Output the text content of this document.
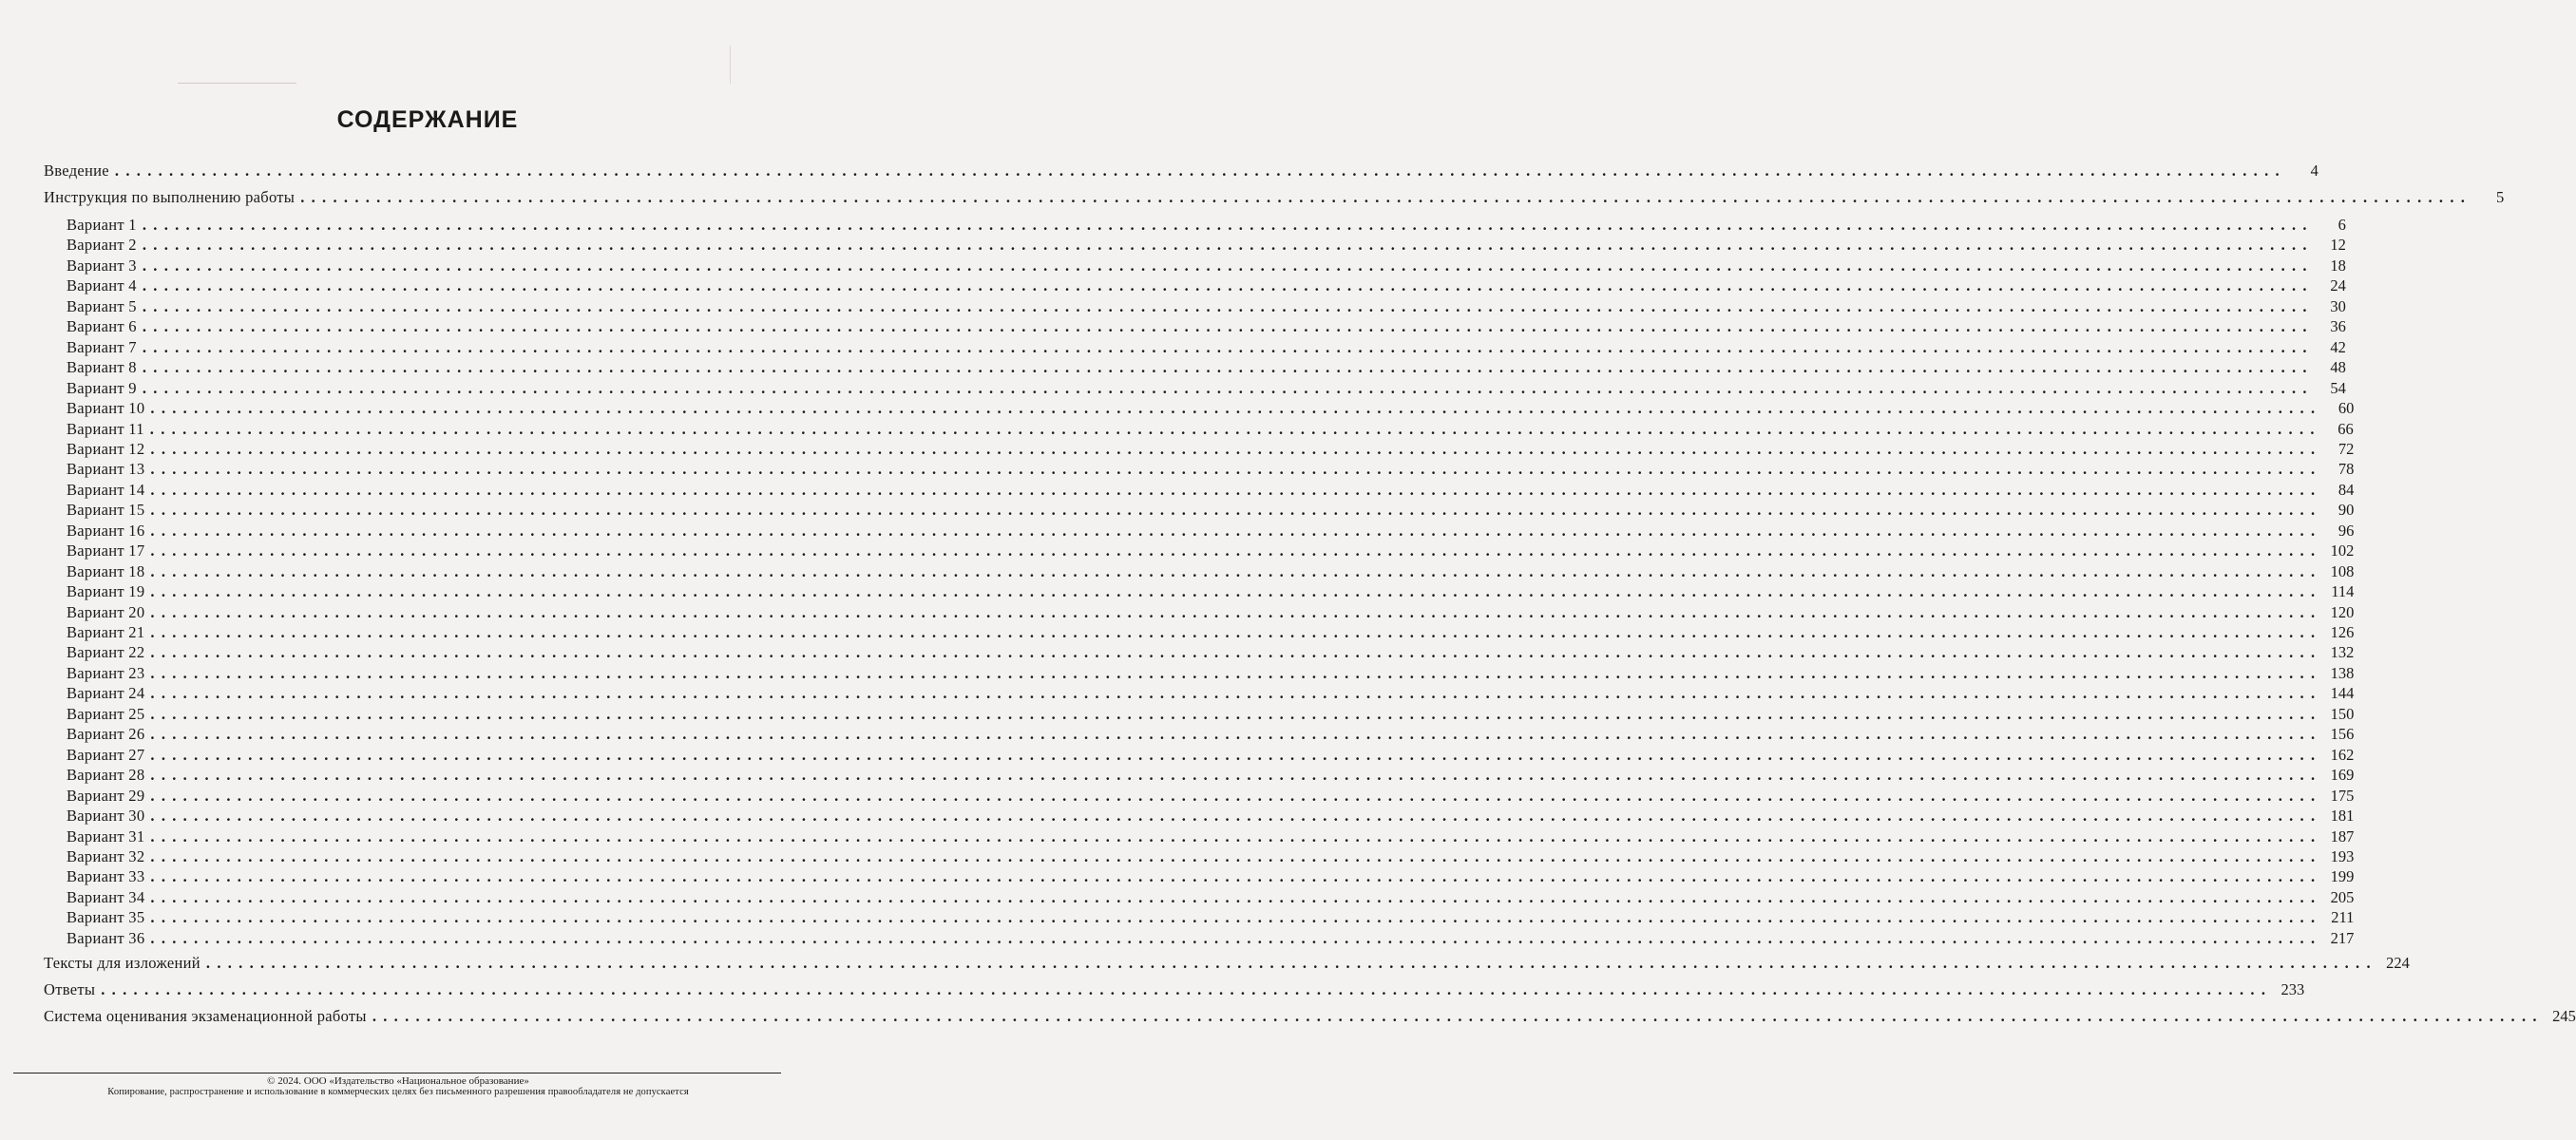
СОДЕРЖАНИЕ
Введение ........................................................................................................................................................................................................	4
Инструкция по выполнению работы ........................................................................................................................................................................................................	5
Вариант 1 ........................................................................................................................................................................................................	6
Вариант 2 ........................................................................................................................................................................................................	12
Вариант 3 ........................................................................................................................................................................................................	18
Вариант 4 ........................................................................................................................................................................................................	24
Вариант 5 ........................................................................................................................................................................................................	30
Вариант 6 ........................................................................................................................................................................................................	36
Вариант 7 ........................................................................................................................................................................................................	42
Вариант 8 ........................................................................................................................................................................................................	48
Вариант 9 ........................................................................................................................................................................................................	54
Вариант 10 ........................................................................................................................................................................................................	60
Вариант 11 ........................................................................................................................................................................................................	66
Вариант 12 ........................................................................................................................................................................................................	72
Вариант 13 ........................................................................................................................................................................................................	78
Вариант 14 ........................................................................................................................................................................................................	84
Вариант 15 ........................................................................................................................................................................................................	90
Вариант 16 ........................................................................................................................................................................................................	96
Вариант 17 ........................................................................................................................................................................................................ 102
Вариант 18 ........................................................................................................................................................................................................ 108
Вариант 19 ........................................................................................................................................................................................................ 114
Вариант 20 ........................................................................................................................................................................................................ 120
Вариант 21 ........................................................................................................................................................................................................ 126
Вариант 22 ........................................................................................................................................................................................................ 132
Вариант 23 ........................................................................................................................................................................................................ 138
Вариант 24 ........................................................................................................................................................................................................ 144
Вариант 25 ........................................................................................................................................................................................................ 150
Вариант 26 ........................................................................................................................................................................................................ 156
Вариант 27 ........................................................................................................................................................................................................ 162
Вариант 28 ........................................................................................................................................................................................................ 169
Вариант 29 ........................................................................................................................................................................................................ 175
Вариант 30 ........................................................................................................................................................................................................ 181
Вариант 31 ........................................................................................................................................................................................................ 187
Вариант 32 ........................................................................................................................................................................................................ 193
Вариант 33 ........................................................................................................................................................................................................ 199
Вариант 34 ........................................................................................................................................................................................................ 205
Вариант 35 ........................................................................................................................................................................................................ 211
Вариант 36 ........................................................................................................................................................................................................ 217
Тексты для изложений ........................................................................................................................................................................................................ 224
Ответы ........................................................................................................................................................................................................ 233
Система оценивания экзаменационной работы ........................................................................................................................................................................................................ 245
© 2024. ООО «Издательство «Национальное образование»
Копирование, распространение и использование в коммерческих целях без письменного разрешения правообладателя не допускается
